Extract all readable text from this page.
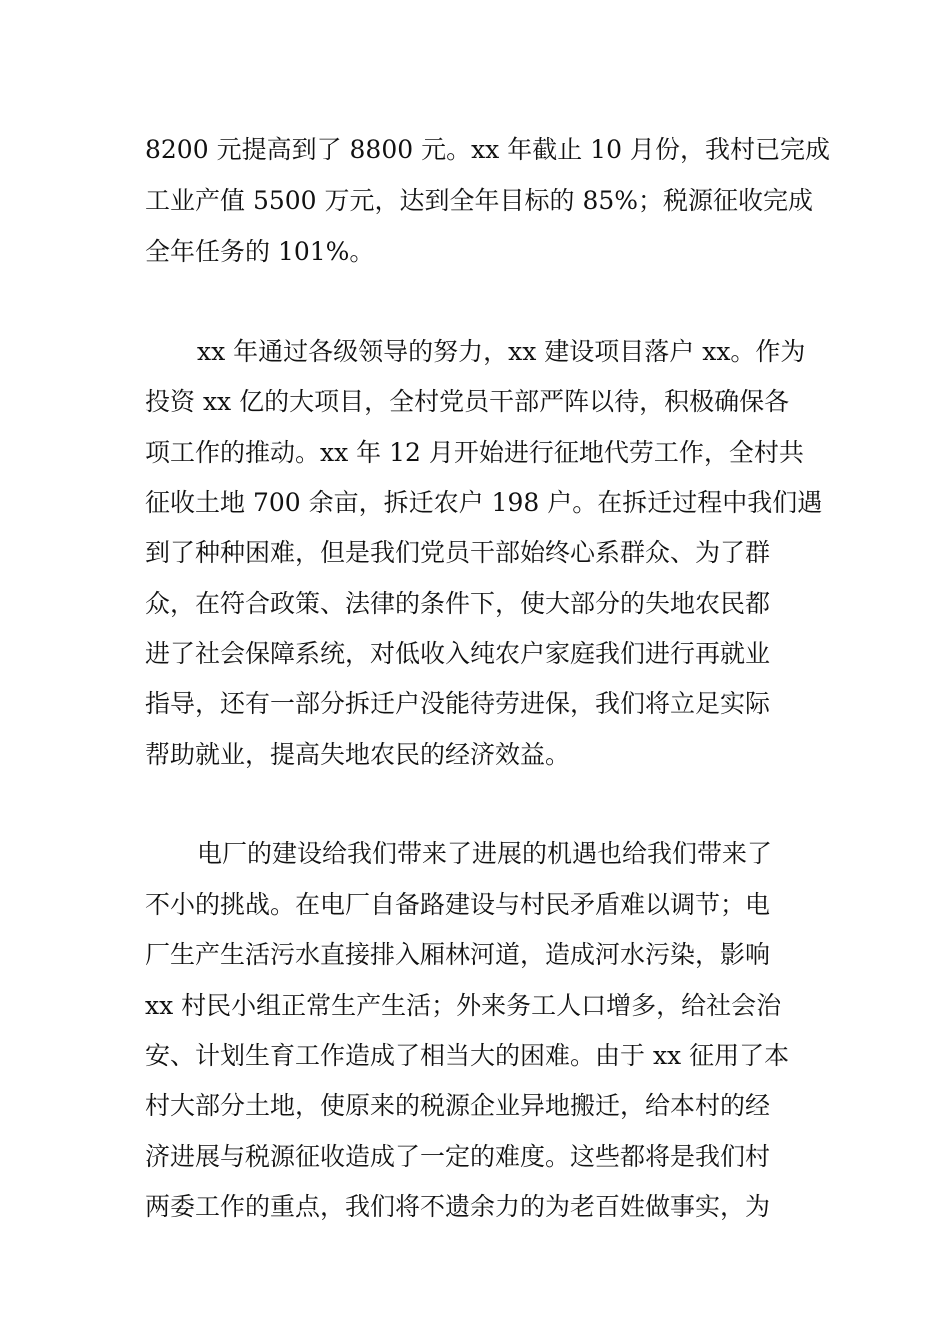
8200 元提高到了 8800 元。xx 年截止 10 月份，我村已完成
工业产值 5500 万元，达到全年目标的 85%；税源征收完成
全年任务的 101%。
xx 年通过各级领导的努力，xx 建设项目落户 xx。作为
投资 xx 亿的大项目，全村党员干部严阵以待，积极确保各
项工作的推动。xx 年 12 月开始进行征地代劳工作，全村共
征收土地 700 余亩，拆迁农户 198 户。在拆迁过程中我们遇
到了种种困难，但是我们党员干部始终心系群众、为了群
众，在符合政策、法律的条件下，使大部分的失地农民都
进了社会保障系统，对低收入纯农户家庭我们进行再就业
指导，还有一部分拆迁户没能待劳进保，我们将立足实际
帮助就业，提高失地农民的经济效益。
电厂的建设给我们带来了进展的机遇也给我们带来了
不小的挑战。在电厂自备路建设与村民矛盾难以调节；电
厂生产生活污水直接排入厢林河道，造成河水污染，影响
xx 村民小组正常生产生活；外来务工人口增多，给社会治
安、计划生育工作造成了相当大的困难。由于 xx 征用了本
村大部分土地，使原来的税源企业异地搬迁，给本村的经
济进展与税源征收造成了一定的难度。这些都将是我们村
两委工作的重点，我们将不遗余力的为老百姓做事实，为
